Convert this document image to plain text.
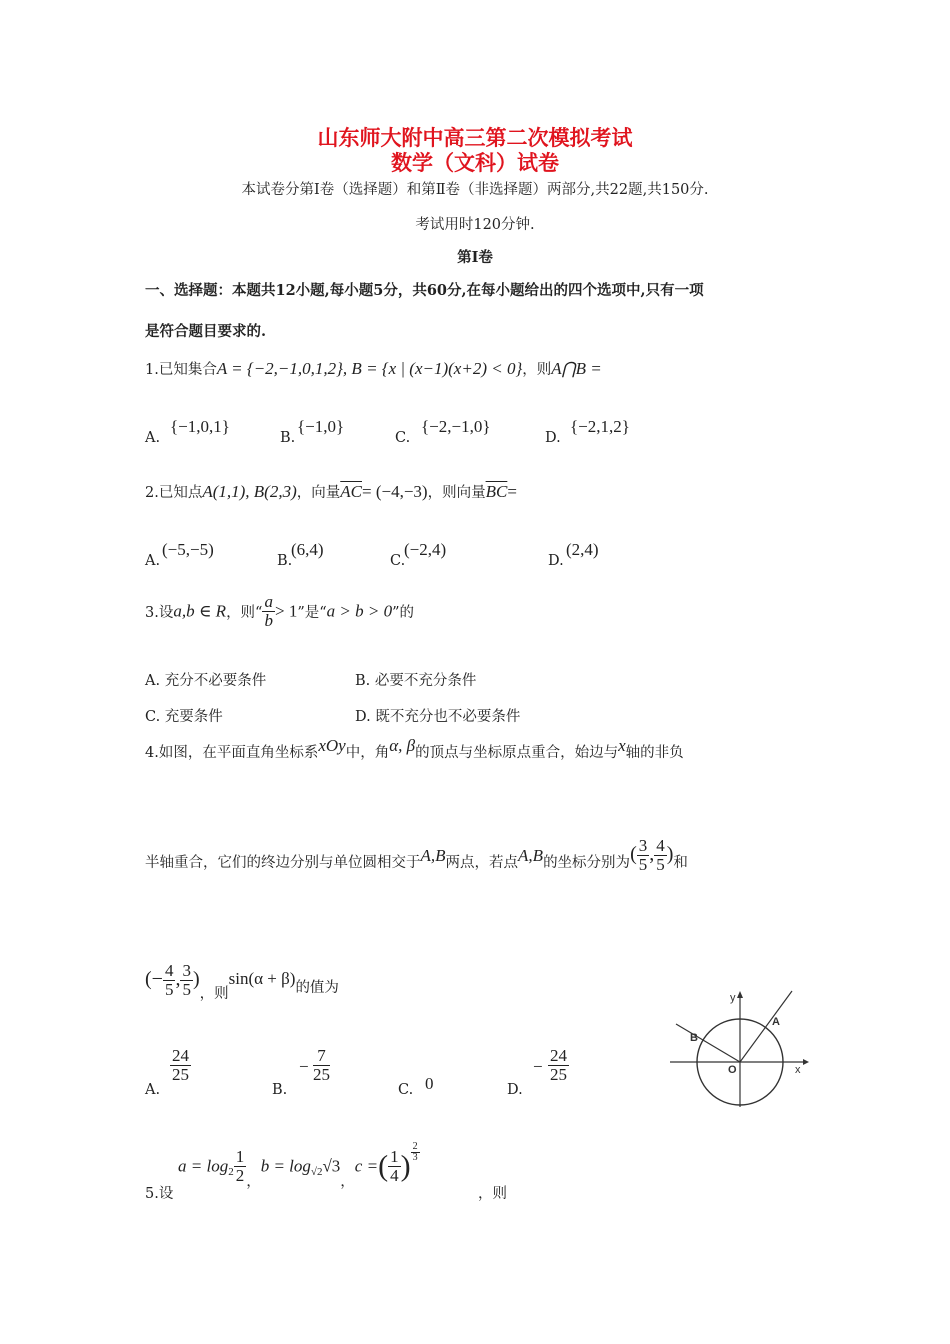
山东师大附中高三第二次模拟考试
数学（文科）试卷
本试卷分第Ⅰ卷（选择题）和第Ⅱ卷（非选择题）两部分,共22题,共150分.
考试用时120分钟.
第Ⅰ卷
一、选择题：本题共12小题,每小题5分，共60分,在每小题给出的四个选项中,只有一项
是符合题目要求的.
1.已知集合A = {−2,−1,0,1,2}, B = {x | (x−1)(x+2) < 0}，则A⋂B =
A.
{−1,0,1}
B.
{−1,0}
C.
{−2,−1,0}
D.
{−2,1,2}
2.已知点A(1,1), B(2,3)，向量$\overline{AC}= (-4,-3)$，则向量$\overline{BC}=$
A.
(−5,−5)
B.
(6,4)
C.
(−2,4)
D.
(2,4)
3.设a,b ∈ R，则“ $\frac{a}{b} > 1$”是“a > b > 0”的
A. 充分不必要条件	B. 必要不充分条件
C. 充要条件	D. 既不充分也不必要条件
4.如图，在平面直角坐标系xOy中，角α, β的顶点与坐标原点重合，始边与x轴的非负
半轴重合，它们的终边分别与单位圆相交于A,B两点，若点A,B的坐标分别为( $\frac{3}{5}$ , $\frac{4}{5}$ )和
(− $\frac{4}{5}$ , $\frac{3}{5}$ )，则sin(α + β)的值为
A.
$\frac{24}{25}$
B.
− $\frac{7}{25}$
C. 0	D.
− $\frac{24}{25}$
y
x
O
A
B
5.设
$a = \log_2 \frac{1}{2}$ ，$b = \log_{√2}√3$，c =( $\frac{1}{4}$ ) $\frac{2}{3}$
，则
